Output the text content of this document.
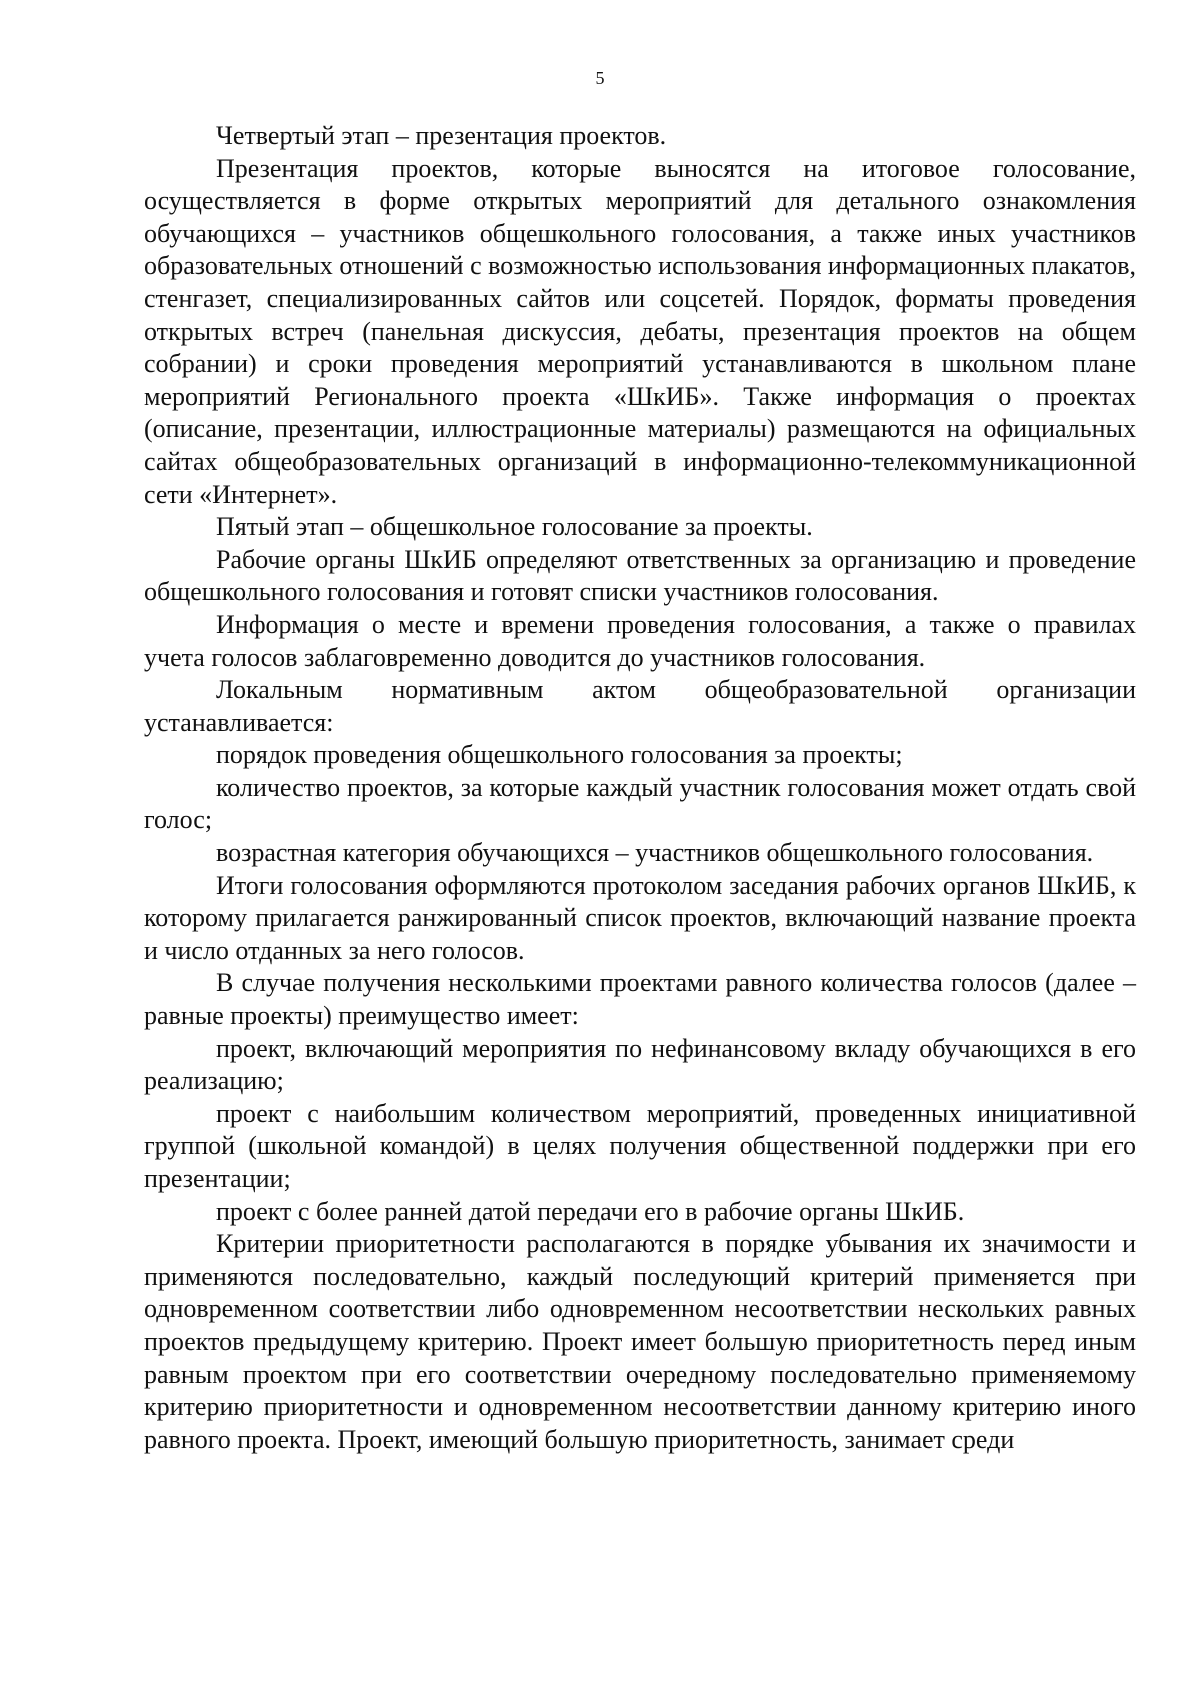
5

Четвертый этап – презентация проектов.

Презентация проектов, которые выносятся на итоговое голосование, осуществляется в форме открытых мероприятий для детального ознакомления обучающихся – участников общешкольного голосования, а также иных участников образовательных отношений с возможностью использования информационных плакатов, стенгазет, специализированных сайтов или соцсетей. Порядок, форматы проведения открытых встреч (панельная дискуссия, дебаты, презентация проектов на общем собрании) и сроки проведения мероприятий устанавливаются в школьном плане мероприятий Регионального проекта «ШкИБ». Также информация о проектах (описание, презентации, иллюстрационные материалы) размещаются на официальных сайтах общеобразовательных организаций в информационно-телекоммуникационной сети «Интернет».

Пятый этап – общешкольное голосование за проекты.

Рабочие органы ШкИБ определяют ответственных за организацию и проведение общешкольного голосования и готовят списки участников голосования.

Информация о месте и времени проведения голосования, а также о правилах учета голосов заблаговременно доводится до участников голосования.

Локальным нормативным актом общеобразовательной организации устанавливается:

порядок проведения общешкольного голосования за проекты;

количество проектов, за которые каждый участник голосования может отдать свой голос;

возрастная категория обучающихся – участников общешкольного голосования.

Итоги голосования оформляются протоколом заседания рабочих органов ШкИБ, к которому прилагается ранжированный список проектов, включающий название проекта и число отданных за него голосов.

В случае получения несколькими проектами равного количества голосов (далее – равные проекты) преимущество имеет:

проект, включающий мероприятия по нефинансовому вкладу обучающихся в его реализацию;

проект с наибольшим количеством мероприятий, проведенных инициативной группой (школьной командой) в целях получения общественной поддержки при его презентации;

проект с более ранней датой передачи его в рабочие органы ШкИБ.

Критерии приоритетности располагаются в порядке убывания их значимости и применяются последовательно, каждый последующий критерий применяется при одновременном соответствии либо одновременном несоответствии нескольких равных проектов предыдущему критерию. Проект имеет большую приоритетность перед иным равным проектом при его соответствии очередному последовательно применяемому критерию приоритетности и одновременном несоответствии данному критерию иного равного проекта. Проект, имеющий большую приоритетность, занимает среди
